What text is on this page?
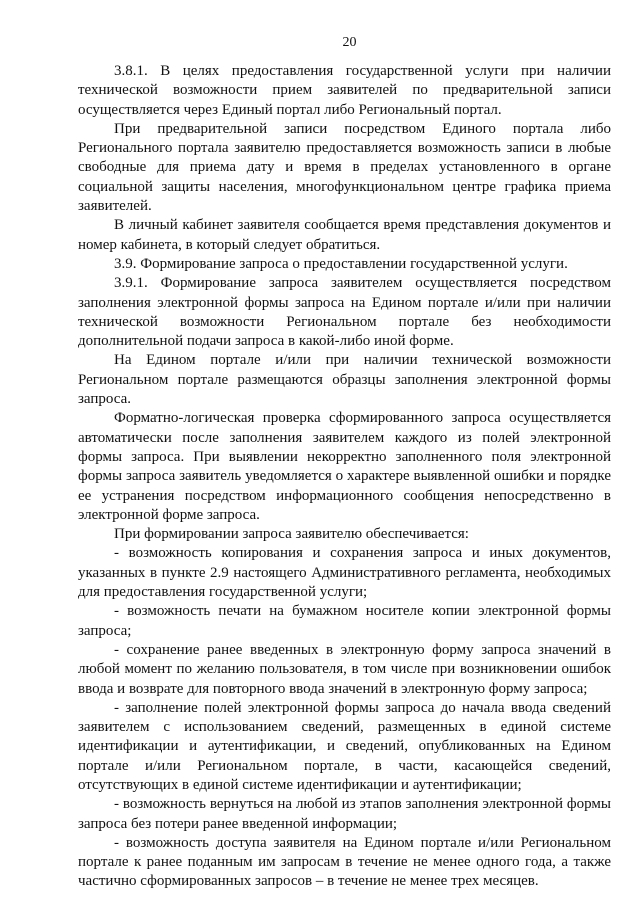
20

3.8.1. В целях предоставления государственной услуги при наличии технической возможности прием заявителей по предварительной записи осуществляется через Единый портал либо Региональный портал.

При предварительной записи посредством Единого портала либо Регионального портала заявителю предоставляется возможность записи в любые свободные для приема дату и время в пределах установленного в органе социальной защиты населения, многофункциональном центре графика приема заявителей.

В личный кабинет заявителя сообщается время представления документов и номер кабинета, в который следует обратиться.

3.9. Формирование запроса о предоставлении государственной услуги.

3.9.1. Формирование запроса заявителем осуществляется посредством заполнения электронной формы запроса на Едином портале и/или при наличии технической возможности Региональном портале без необходимости дополнительной подачи запроса в какой-либо иной форме.

На Едином портале и/или при наличии технической возможности Региональном портале размещаются образцы заполнения электронной формы запроса.

Форматно-логическая проверка сформированного запроса осуществляется автоматически после заполнения заявителем каждого из полей электронной формы запроса. При выявлении некорректно заполненного поля электронной формы запроса заявитель уведомляется о характере выявленной ошибки и порядке ее устранения посредством информационного сообщения непосредственно в электронной форме запроса.

При формировании запроса заявителю обеспечивается:

- возможность копирования и сохранения запроса и иных документов, указанных в пункте 2.9 настоящего Административного регламента, необходимых для предоставления государственной услуги;

- возможность печати на бумажном носителе копии электронной формы запроса;

- сохранение ранее введенных в электронную форму запроса значений в любой момент по желанию пользователя, в том числе при возникновении ошибок ввода и возврате для повторного ввода значений в электронную форму запроса;

- заполнение полей электронной формы запроса до начала ввода сведений заявителем с использованием сведений, размещенных в единой системе идентификации и аутентификации, и сведений, опубликованных на Едином портале и/или Региональном портале, в части, касающейся сведений, отсутствующих в единой системе идентификации и аутентификации;

- возможность вернуться на любой из этапов заполнения электронной формы запроса без потери ранее введенной информации;

- возможность доступа заявителя на Едином портале и/или Региональном портале к ранее поданным им запросам в течение не менее одного года, а также частично сформированных запросов – в течение не менее трех месяцев.
